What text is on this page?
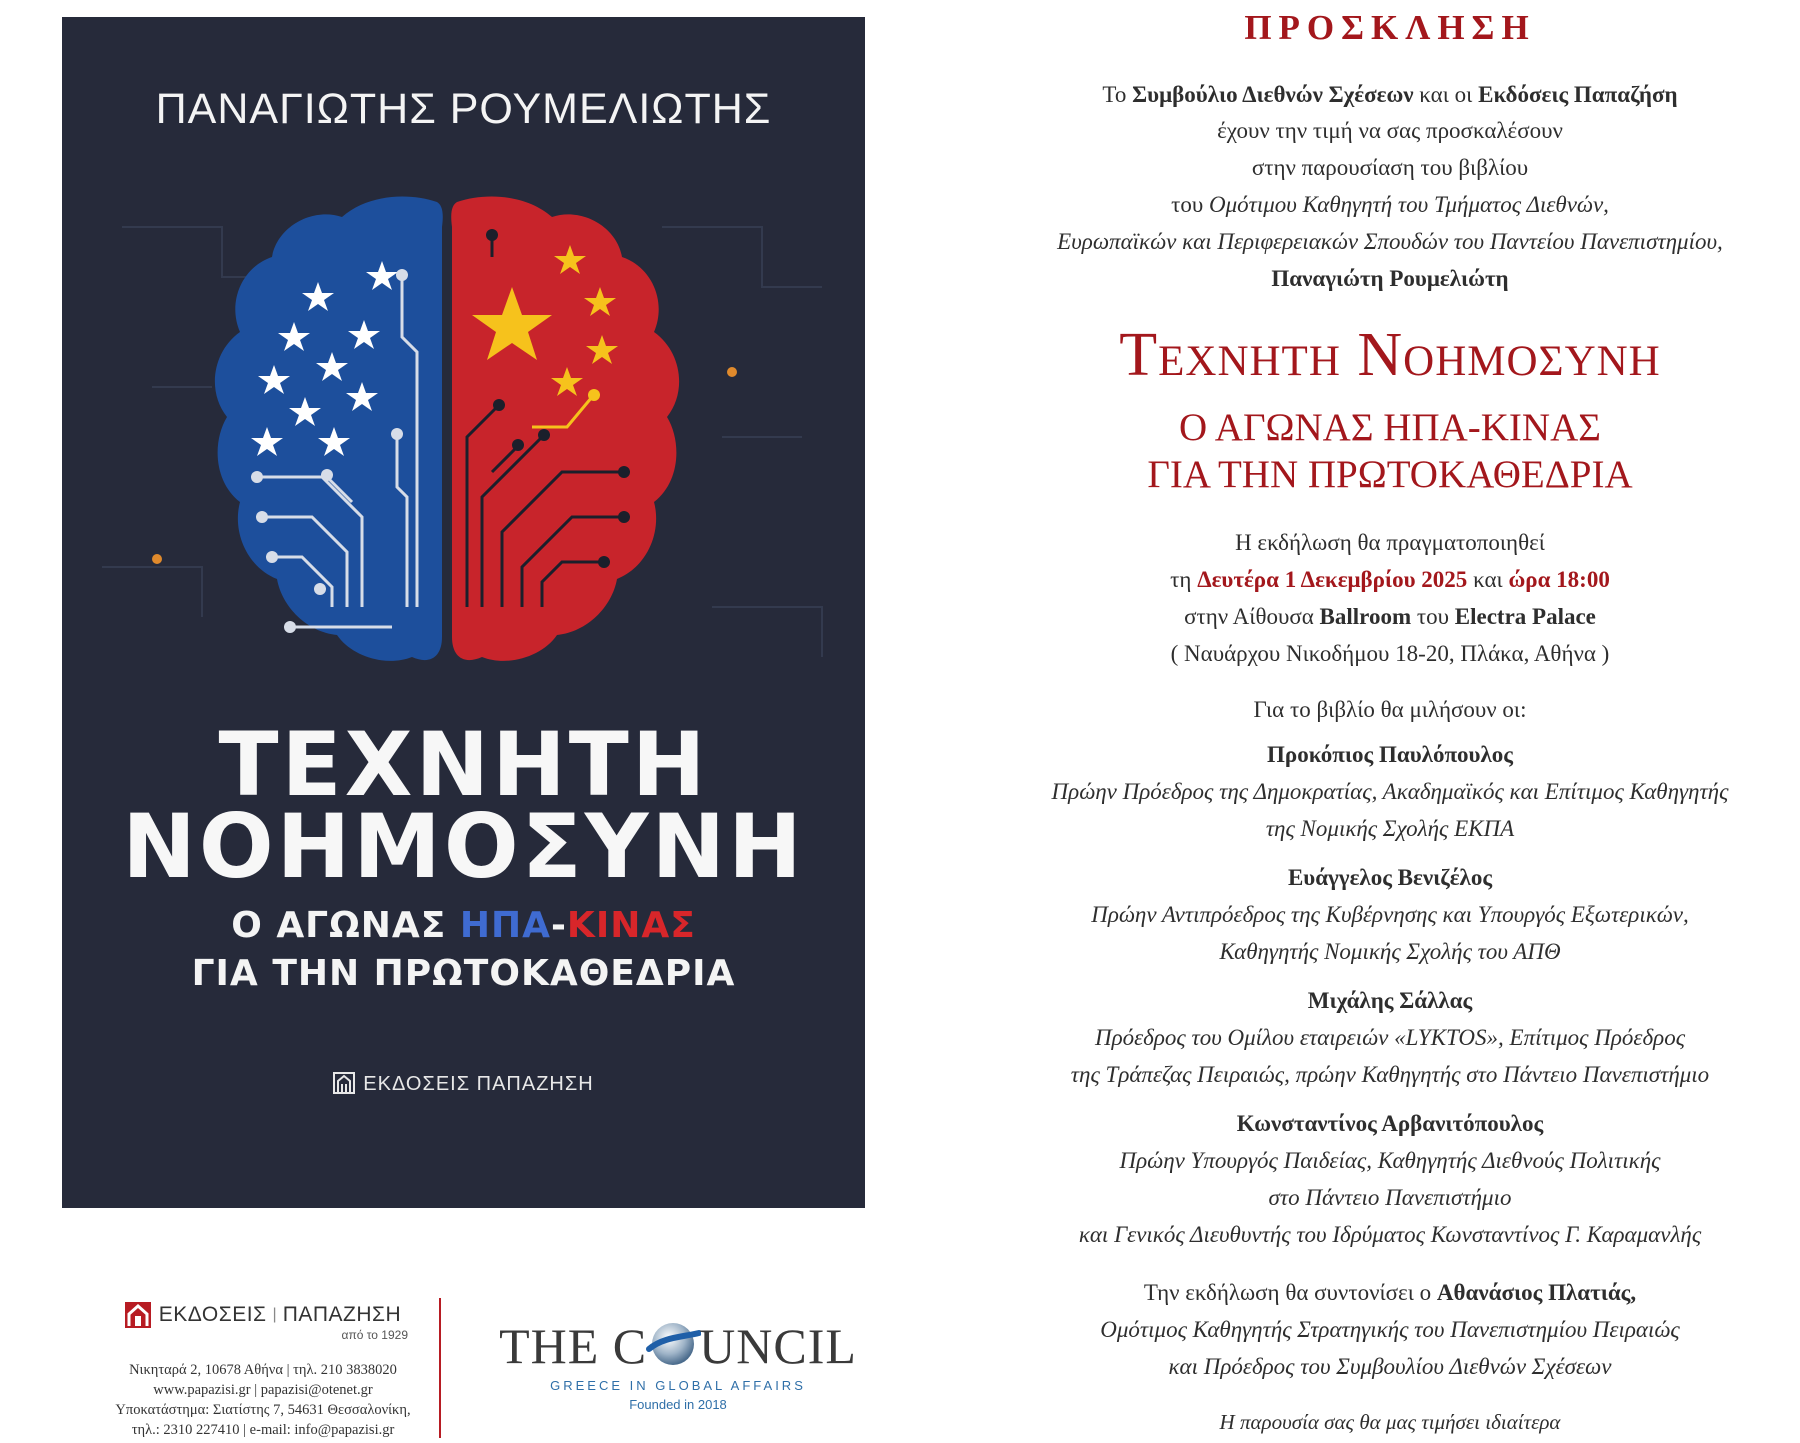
ΠΑΝΑΓΙΩΤΗΣ ΡΟΥΜΕΛΙΩΤΗΣ
ΤΕΧΝΗΤΗ
ΝΟΗΜΟΣΥΝΗ
Ο ΑΓΩΝΑΣ ΗΠΑ-ΚΙΝΑΣ
ΓΙΑ ΤΗΝ ΠΡΩΤΟΚΑΘΕΔΡΙΑ
ΕΚΔΟΣΕΙΣ ΠΑΠΑΖΗΣΗ
ΕΚΔΟΣΕΙΣ | ΠΑΠΑΖΗΣΗ
από το 1929
Νικηταρά 2, 10678 Αθήνα | τηλ. 210 3838020
www.papazisi.gr | papazisi@otenet.gr
Υποκατάστημα: Σιατίστης 7, 54631 Θεσσαλονίκη,
τηλ.: 2310 227410 | e-mail: info@papazisi.gr
THE C UNCIL
GREECE IN GLOBAL AFFAIRS
Founded in 2018
ΠΡΟΣΚΛΗΣΗ
Το Συμβούλιο Διεθνών Σχέσεων και οι Εκδόσεις Παπαζήση
έχουν την τιμή να σας προσκαλέσουν
στην παρουσίαση του βιβλίου
του Ομότιμου Καθηγητή του Τμήματος Διεθνών,
Ευρωπαϊκών και Περιφερειακών Σπουδών του Παντείου Πανεπιστημίου,
Παναγιώτη Ρουμελιώτη
Τεχνητη Νοημοσυνη
Ο ΑΓΩΝΑΣ ΗΠΑ-ΚΙΝΑΣ
ΓΙΑ ΤΗΝ ΠΡΩΤΟΚΑΘΕΔΡΙΑ
Η εκδήλωση θα πραγματοποιηθεί
τη Δευτέρα 1 Δεκεμβρίου 2025 και ώρα 18:00
στην Αίθουσα Ballroom του Electra Palace
( Ναυάρχου Νικοδήμου 18-20, Πλάκα, Αθήνα )
Για το βιβλίο θα μιλήσουν οι:
Προκόπιος Παυλόπουλος
Πρώην Πρόεδρος της Δημοκρατίας, Ακαδημαϊκός και Επίτιμος Καθηγητής
της Νομικής Σχολής ΕΚΠΑ
Ευάγγελος Βενιζέλος
Πρώην Αντιπρόεδρος της Κυβέρνησης και Υπουργός Εξωτερικών,
Καθηγητής Νομικής Σχολής του ΑΠΘ
Μιχάλης Σάλλας
Πρόεδρος του Ομίλου εταιρειών «LYKTOS», Επίτιμος Πρόεδρος
της Τράπεζας Πειραιώς, πρώην Καθηγητής στο Πάντειο Πανεπιστήμιο
Κωνσταντίνος Αρβανιτόπουλος
Πρώην Υπουργός Παιδείας, Καθηγητής Διεθνούς Πολιτικής
στο Πάντειο Πανεπιστήμιο
και Γενικός Διευθυντής του Ιδρύματος Κωνσταντίνος Γ. Καραμανλής
Την εκδήλωση θα συντονίσει ο Αθανάσιος Πλατιάς,
Ομότιμος Καθηγητής Στρατηγικής του Πανεπιστημίου Πειραιώς
και Πρόεδρος του Συμβουλίου Διεθνών Σχέσεων
Η παρουσία σας θα μας τιμήσει ιδιαίτερα
